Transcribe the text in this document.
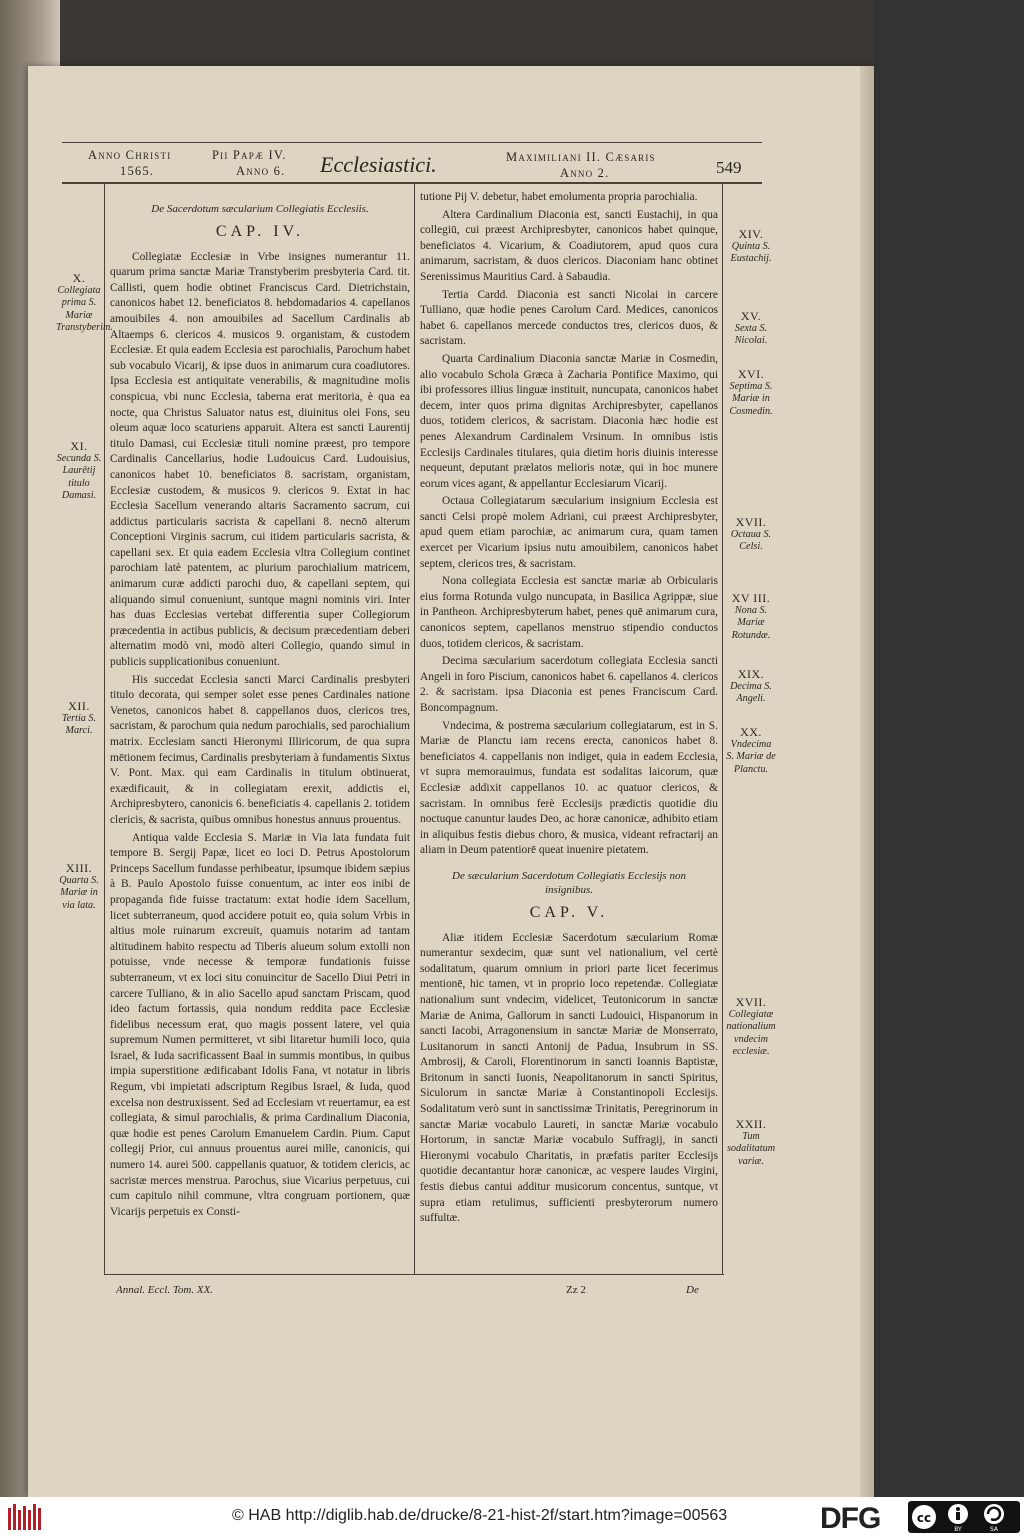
Anno Christi
1565.
Pii Papæ IV.
Anno 6. Ecclesiastici.	Maximiliani II. Cæsaris
Anno 2.	549

De Sacerdotum sæcularium Collegiatis Ecclesiis.

CAP. IV.

Collegiatæ Ecclesiæ in Vrbe insignes numerantur 11. quarum prima sanctæ Mariæ Transtyberim presbyteria Card. tit. Callisti, quem hodie obtinet Franciscus Card. Dietrichstain, canonicos habet 12. beneficiatos 8. hebdomadarios 4. capellanos amouibiles 4. non amouibiles ad Sacellum Cardinalis ab Altaemps 6. clericos 4. musicos 9. organistam, & custodem Ecclesiæ. Et quia eadem Ecclesia est parochialis, Parochum habet sub vocabulo Vicarij, & ipse duos in animarum cura coadiutores. Ipsa Ecclesia est antiquitate venerabilis, & magnitudine molis conspicua, vbi nunc Ecclesia, taberna erat meritoria, è qua ea nocte, qua Christus Saluator natus est, diuinitus olei Fons, seu oleum aquæ loco scaturiens apparuit. Altera est sancti Laurentij titulo Damasi, cui Ecclesiæ tituli nomine præest, pro tempore Cardinalis Cancellarius, hodie Ludouicus Card. Ludouisius, canonicos habet 10. beneficiatos 8. sacristam, organistam, Ecclesiæ custodem, & musicos 9. clericos 9. Extat in hac Ecclesia Sacellum venerando altaris Sacramento sacrum, cui addictus particularis sacrista & capellani 8. necnō alterum Conceptioni Virginis sacrum, cui itidem particularis sacrista, & capellani sex. Et quia eadem Ecclesia vltra Collegium continet parochiam latè patentem, ac plurium parochialium matricem, animarum curæ addicti parochi duo, & capellani septem, qui aliquando simul conueniunt, suntque magni nominis viri. Inter has duas Ecclesias vertebat differentia super Collegiorum præcedentia in actibus publicis, & decisum præcedentiam deberi alternatim modò vni, modò alteri Collegio, quando simul in publicis supplicationibus conueniunt.

His succedat Ecclesia sancti Marci Cardinalis presbyteri titulo decorata, qui semper solet esse penes Cardinales natione Venetos, canonicos habet 8. cappellanos duos, clericos tres, sacristam, & parochum quia nedum parochialis, sed parochialium matrix. Ecclesiam sancti Hieronymi Illiricorum, de qua supra mētionem fecimus, Cardinalis presbyteriam à fundamentis Sixtus V. Pont. Max. qui eam Cardinalis in titulum obtinuerat, exædificauit, & in collegiatam erexit, addictis ei, Archipresbytero, canonicis 6. beneficiatis 4. capellanis 2. totidem clericis, & sacrista, quibus omnibus honestus annuus prouentus.

Antiqua valde Ecclesia S. Mariæ in Via lata fundata fuit tempore B. Sergij Papæ, licet eo loci D. Petrus Apostolorum Princeps Sacellum fundasse perhibeatur, ipsumque ibidem sæpius à B. Paulo Apostolo fuisse conuentum, ac inter eos inibi de propaganda fide fuisse tractatum: extat hodie idem Sacellum, licet subterraneum, quod accidere potuit eo, quia solum Vrbis in altius mole ruinarum excreuit, quamuis notarim ad tantam altitudinem habito respectu ad Tiberis alueum solum extolli non potuisse, vnde necesse & temporæ fundationis fuisse subterraneum, vt ex loci situ conuincitur de Sacello Diui Petri in carcere Tulliano, & in alio Sacello apud sanctam Priscam, quod ideo factum fortassis, quia nondum reddita pace Ecclesiæ fidelibus necessum erat, quo magis possent latere, vel quia supremum Numen permitteret, vt sibi litaretur humili loco, quia Israel, & Iuda sacrificassent Baal in summis montibus, in quibus impia superstitione ædificabant Idolis Fana, vt notatur in libris Regum, vbi impietati adscriptum Regibus Israel, & Iuda, quod excelsa non destruxissent. Sed ad Ecclesiam vt reuertamur, ea est collegiata, & simul parochialis, & prima Cardinalium Diaconia, quæ hodie est penes Carolum Emanuelem Cardin. Pium. Caput collegij Prior, cui annuus prouentus aurei mille, canonicis, qui numero 14. aurei 500. cappellanis quatuor, & totidem clericis, ac sacristæ merces menstrua. Parochus, siue Vicarius perpetuus, cui cum capitulo nihil commune, vltra congruam portionem, quæ Vicarijs perpetuis ex Consti-

tutione Pij V. debetur, habet emolumenta propria parochialia.

Altera Cardinalium Diaconia est, sancti Eustachij, in qua collegiū, cui præest Archipresbyter, canonicos habet quinque, beneficiatos 4. Vicarium, & Coadiutorem, apud quos cura animarum, sacristam, & duos clericos. Diaconiam hanc obtinet Serenissimus Mauritius Card. à Sabaudia.

Tertia Cardd. Diaconia est sancti Nicolai in carcere Tulliano, quæ hodie penes Carolum Card. Medices, canonicos habet 6. capellanos mercede conductos tres, clericos duos, & sacristam.

Quarta Cardinalium Diaconia sanctæ Mariæ in Cosmedin, alio vocabulo Schola Græca à Zacharia Pontifice Maximo, qui ibi professores illius linguæ instituit, nuncupata, canonicos habet decem, inter quos prima dignitas Archipresbyter, capellanos duos, totidem clericos, & sacristam. Diaconia hæc hodie est penes Alexandrum Cardinalem Vrsinum. In omnibus istis Ecclesijs Cardinales titulares, quia dietim horis diuinis interesse nequeunt, deputant prælatos melioris notæ, qui in hoc munere eorum vices agant, & appellantur Ecclesiarum Vicarij.

Octaua Collegiatarum sæcularium insignium Ecclesia est sancti Celsi propè molem Adriani, cui præest Archipresbyter, apud quem etiam parochiæ, ac animarum cura, quam tamen exercet per Vicarium ipsius nutu amouibilem, canonicos habet septem, clericos tres, & sacristam.

Nona collegiata Ecclesia est sanctæ mariæ ab Orbicularis eius forma Rotunda vulgo nuncupata, in Basilica Agrippæ, siue in Pantheon. Archipresbyterum habet, penes quē animarum cura, canonicos septem, capellanos menstruo stipendio conductos duos, totidem clericos, & sacristam.

Decima sæcularium sacerdotum collegiata Ecclesia sancti Angeli in foro Piscium, canonicos habet 6. capellanos 4. clericos 2. & sacristam. ipsa Diaconia est penes Franciscum Card. Boncompagnum.

Vndecima, & postrema sæcularium collegiatarum, est in S. Mariæ de Planctu iam recens erecta, canonicos habet 8. beneficiatos 4. cappellanis non indiget, quia in eadem Ecclesia, vt supra memorauimus, fundata est sodalitas laicorum, quæ Ecclesiæ addixit cappellanos 10. ac quatuor clericos, & sacristam. In omnibus ferè Ecclesijs prædictis quotidie diu noctuque canuntur laudes Deo, ac horæ canonicæ, adhibito etiam in aliquibus festis diebus choro, & musica, videant refractarij an aliam in Deum patentiorē queat inuenire pietatem.

De sæcularium Sacerdotum Collegiatis Ecclesijs non insignibus.

CAP. V.

Aliæ itidem Ecclesiæ Sacerdotum sæcularium Romæ numerantur sexdecim, quæ sunt vel nationalium, vel certè sodalitatum, quarum omnium in priori parte licet fecerimus mentionē, hic tamen, vt in proprio loco repetendæ. Collegiatæ nationalium sunt vndecim, videlicet, Teutonicorum in sanctæ Mariæ de Anima, Gallorum in sancti Ludouici, Hispanorum in sancti Iacobi, Arragonensium in sanctæ Mariæ de Monserrato, Lusitanorum in sancti Antonij de Padua, Insubrum in SS. Ambrosij, & Caroli, Florentinorum in sancti Ioannis Baptistæ, Britonum in sancti Iuonis, Neapolitanorum in sancti Spiritus, Siculorum in sanctæ Mariæ à Constantinopoli Ecclesijs. Sodalitatum verò sunt in sanctissimæ Trinitatis, Peregrinorum in sanctæ Mariæ vocabulo Laureti, in sanctæ Mariæ vocabulo Hortorum, in sanctæ Mariæ vocabulo Suffragij, in sancti Hieronymi vocabulo Charitatis, in præfatis pariter Ecclesijs quotidie decantantur horæ canonicæ, ac vespere laudes Virgini, festis diebus cantui additur musicorum concentus, suntque, vt supra etiam retulimus, sufficienti presbyterorum numero suffultæ.

X.
Collegiata prima S. Mariæ Transtyberim.
XI.
Secunda S. Laurētij titulo Damasi.
XII.
Tertia S. Marci.
XIII.
Quarta S. Mariæ in via lata.
XIV.
Quinta S. Eustachij.
XV.
Sexta S. Nicolai.
XVI.
Septima S. Mariæ in Cosmedin.
XVII.
Octaua S. Celsi.
XV III.
Nona S. Mariæ Rotundæ.
XIX.
Decima S. Angeli.
XX.
Vndecima S. Mariæ de Planctu.
XVII.
Collegiatæ nationalium vndecim ecclesiæ.
XXII.
Tum sodalitatum variæ.
Annal. Eccl. Tom. XX.	Zz 2	De
© HAB http://diglib.hab.de/drucke/8-21-hist-2f/start.htm?image=00563	DFG	cc
BY	SA
